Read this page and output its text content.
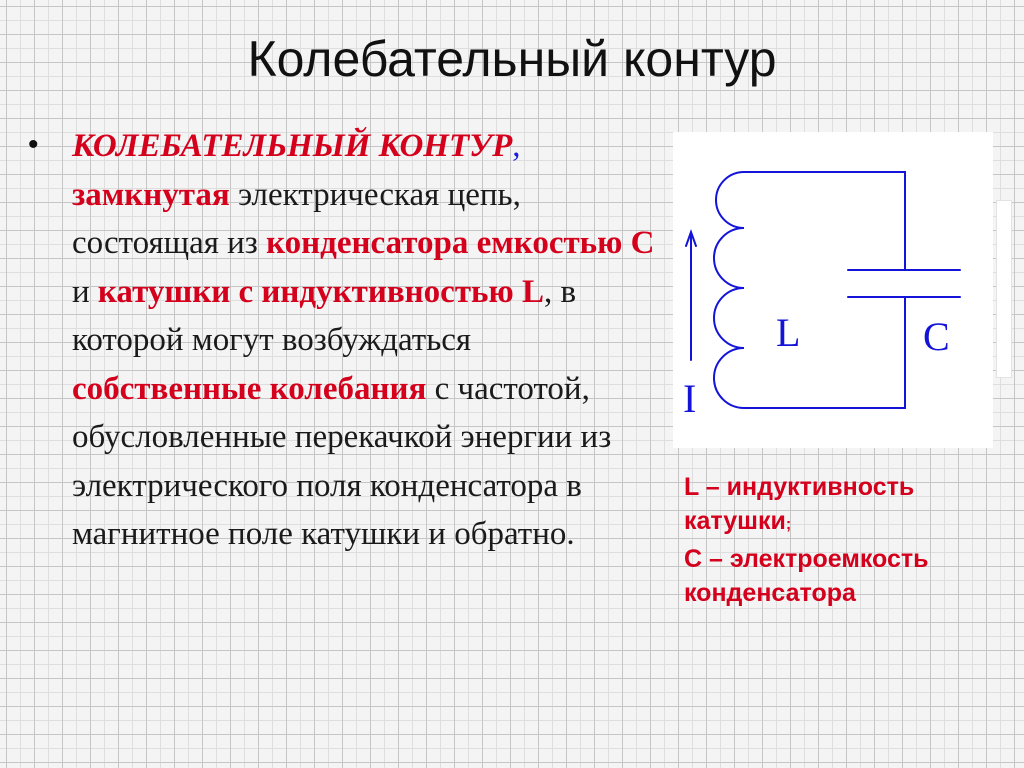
Колебательный контур
• КОЛЕБАТЕЛЬНЫЙ КОНТУР,
замкнутая электрическая цепь, состоящая из конденсатора емкостью С и катушки с индуктивностью L, в которой могут возбуждаться собственные колебания с частотой, обусловленные перекачкой энергии из электрического поля конденсатора в магнитное поле катушки и обратно.

L	C
I

L – индуктивность катушки;
С – электроемкость конденсатора
